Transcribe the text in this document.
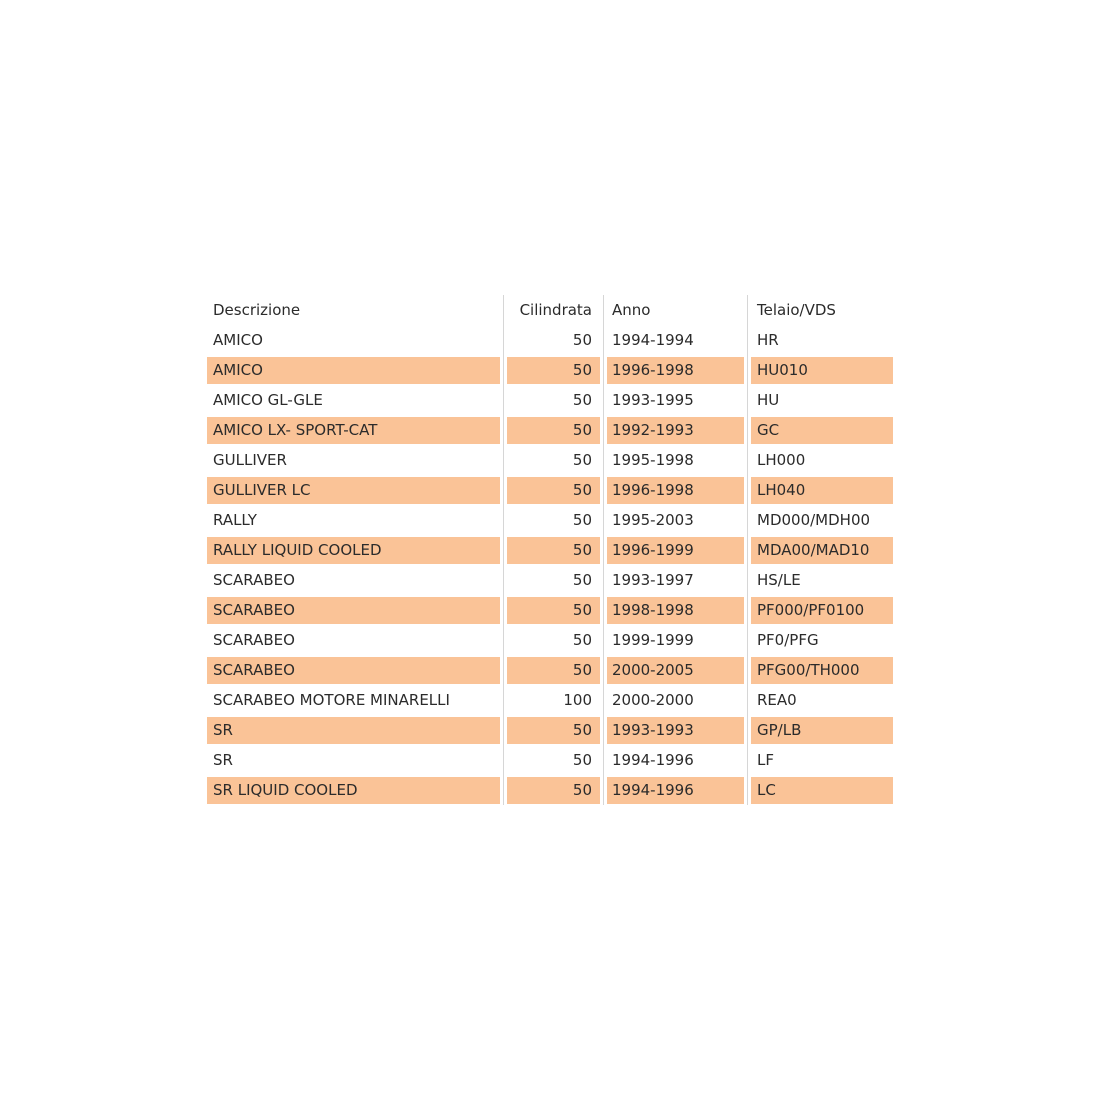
Descrizione	Cilindrata	Anno	Telaio/VDS
AMICO	50	1994-1994	HR
AMICO	50	1996-1998	HU010
AMICO GL-GLE	50	1993-1995	HU
AMICO LX- SPORT-CAT	50	1992-1993	GC
GULLIVER	50	1995-1998	LH000
GULLIVER LC	50	1996-1998	LH040
RALLY	50	1995-2003	MD000/MDH00
RALLY LIQUID COOLED	50	1996-1999	MDA00/MAD10
SCARABEO	50	1993-1997	HS/LE
SCARABEO	50	1998-1998	PF000/PF0100
SCARABEO	50	1999-1999	PF0/PFG
SCARABEO	50	2000-2005	PFG00/TH000
SCARABEO MOTORE MINARELLI	100	2000-2000	REA0
SR	50	1993-1993	GP/LB
SR	50	1994-1996	LF
SR LIQUID COOLED	50	1994-1996	LC
